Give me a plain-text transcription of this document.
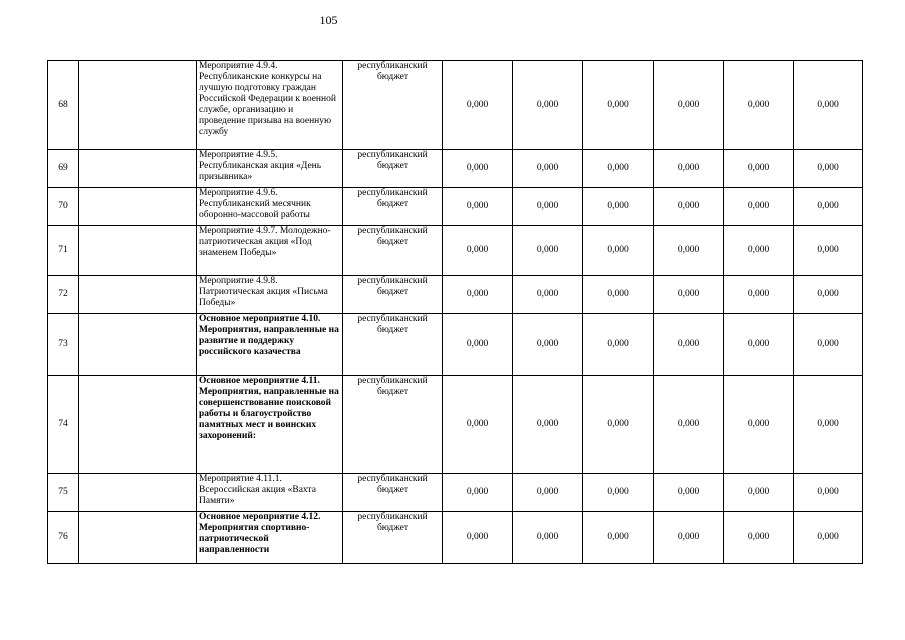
105
68		Мероприятие 4.9.4. Республиканские конкурсы на лучшую подготовку граждан Российской Федерации к военной службе, организацию и проведение призыва на военную службу	республиканский бюджет	0,000	0,000	0,000	0,000	0,000	0,000
69		Мероприятие 4.9.5. Республиканская акция «День призывника»	республиканский бюджет	0,000	0,000	0,000	0,000	0,000	0,000
70		Мероприятие 4.9.6. Республиканский месячник оборонно-массовой работы	республиканский бюджет	0,000	0,000	0,000	0,000	0,000	0,000
71		Мероприятие 4.9.7. Молодежно-патриотическая акция «Под знаменем Победы»	республиканский бюджет	0,000	0,000	0,000	0,000	0,000	0,000
72		Мероприятие 4.9.8. Патриотическая акция «Письма Победы»	республиканский бюджет	0,000	0,000	0,000	0,000	0,000	0,000
73		Основное мероприятие 4.10. Мероприятия, направленные на развитие и поддержку российского казачества	республиканский бюджет	0,000	0,000	0,000	0,000	0,000	0,000
74		Основное мероприятие 4.11. Мероприятия, направленные на совершенствование поисковой работы и благоустройство памятных мест и воинских захоронений:	республиканский бюджет	0,000	0,000	0,000	0,000	0,000	0,000
75		Мероприятие 4.11.1. Всероссийская акция «Вахта Памяти»	республиканский бюджет	0,000	0,000	0,000	0,000	0,000	0,000
76		Основное мероприятие 4.12. Мероприятия спортивно-патриотической направленности	республиканский бюджет	0,000	0,000	0,000	0,000	0,000	0,000
